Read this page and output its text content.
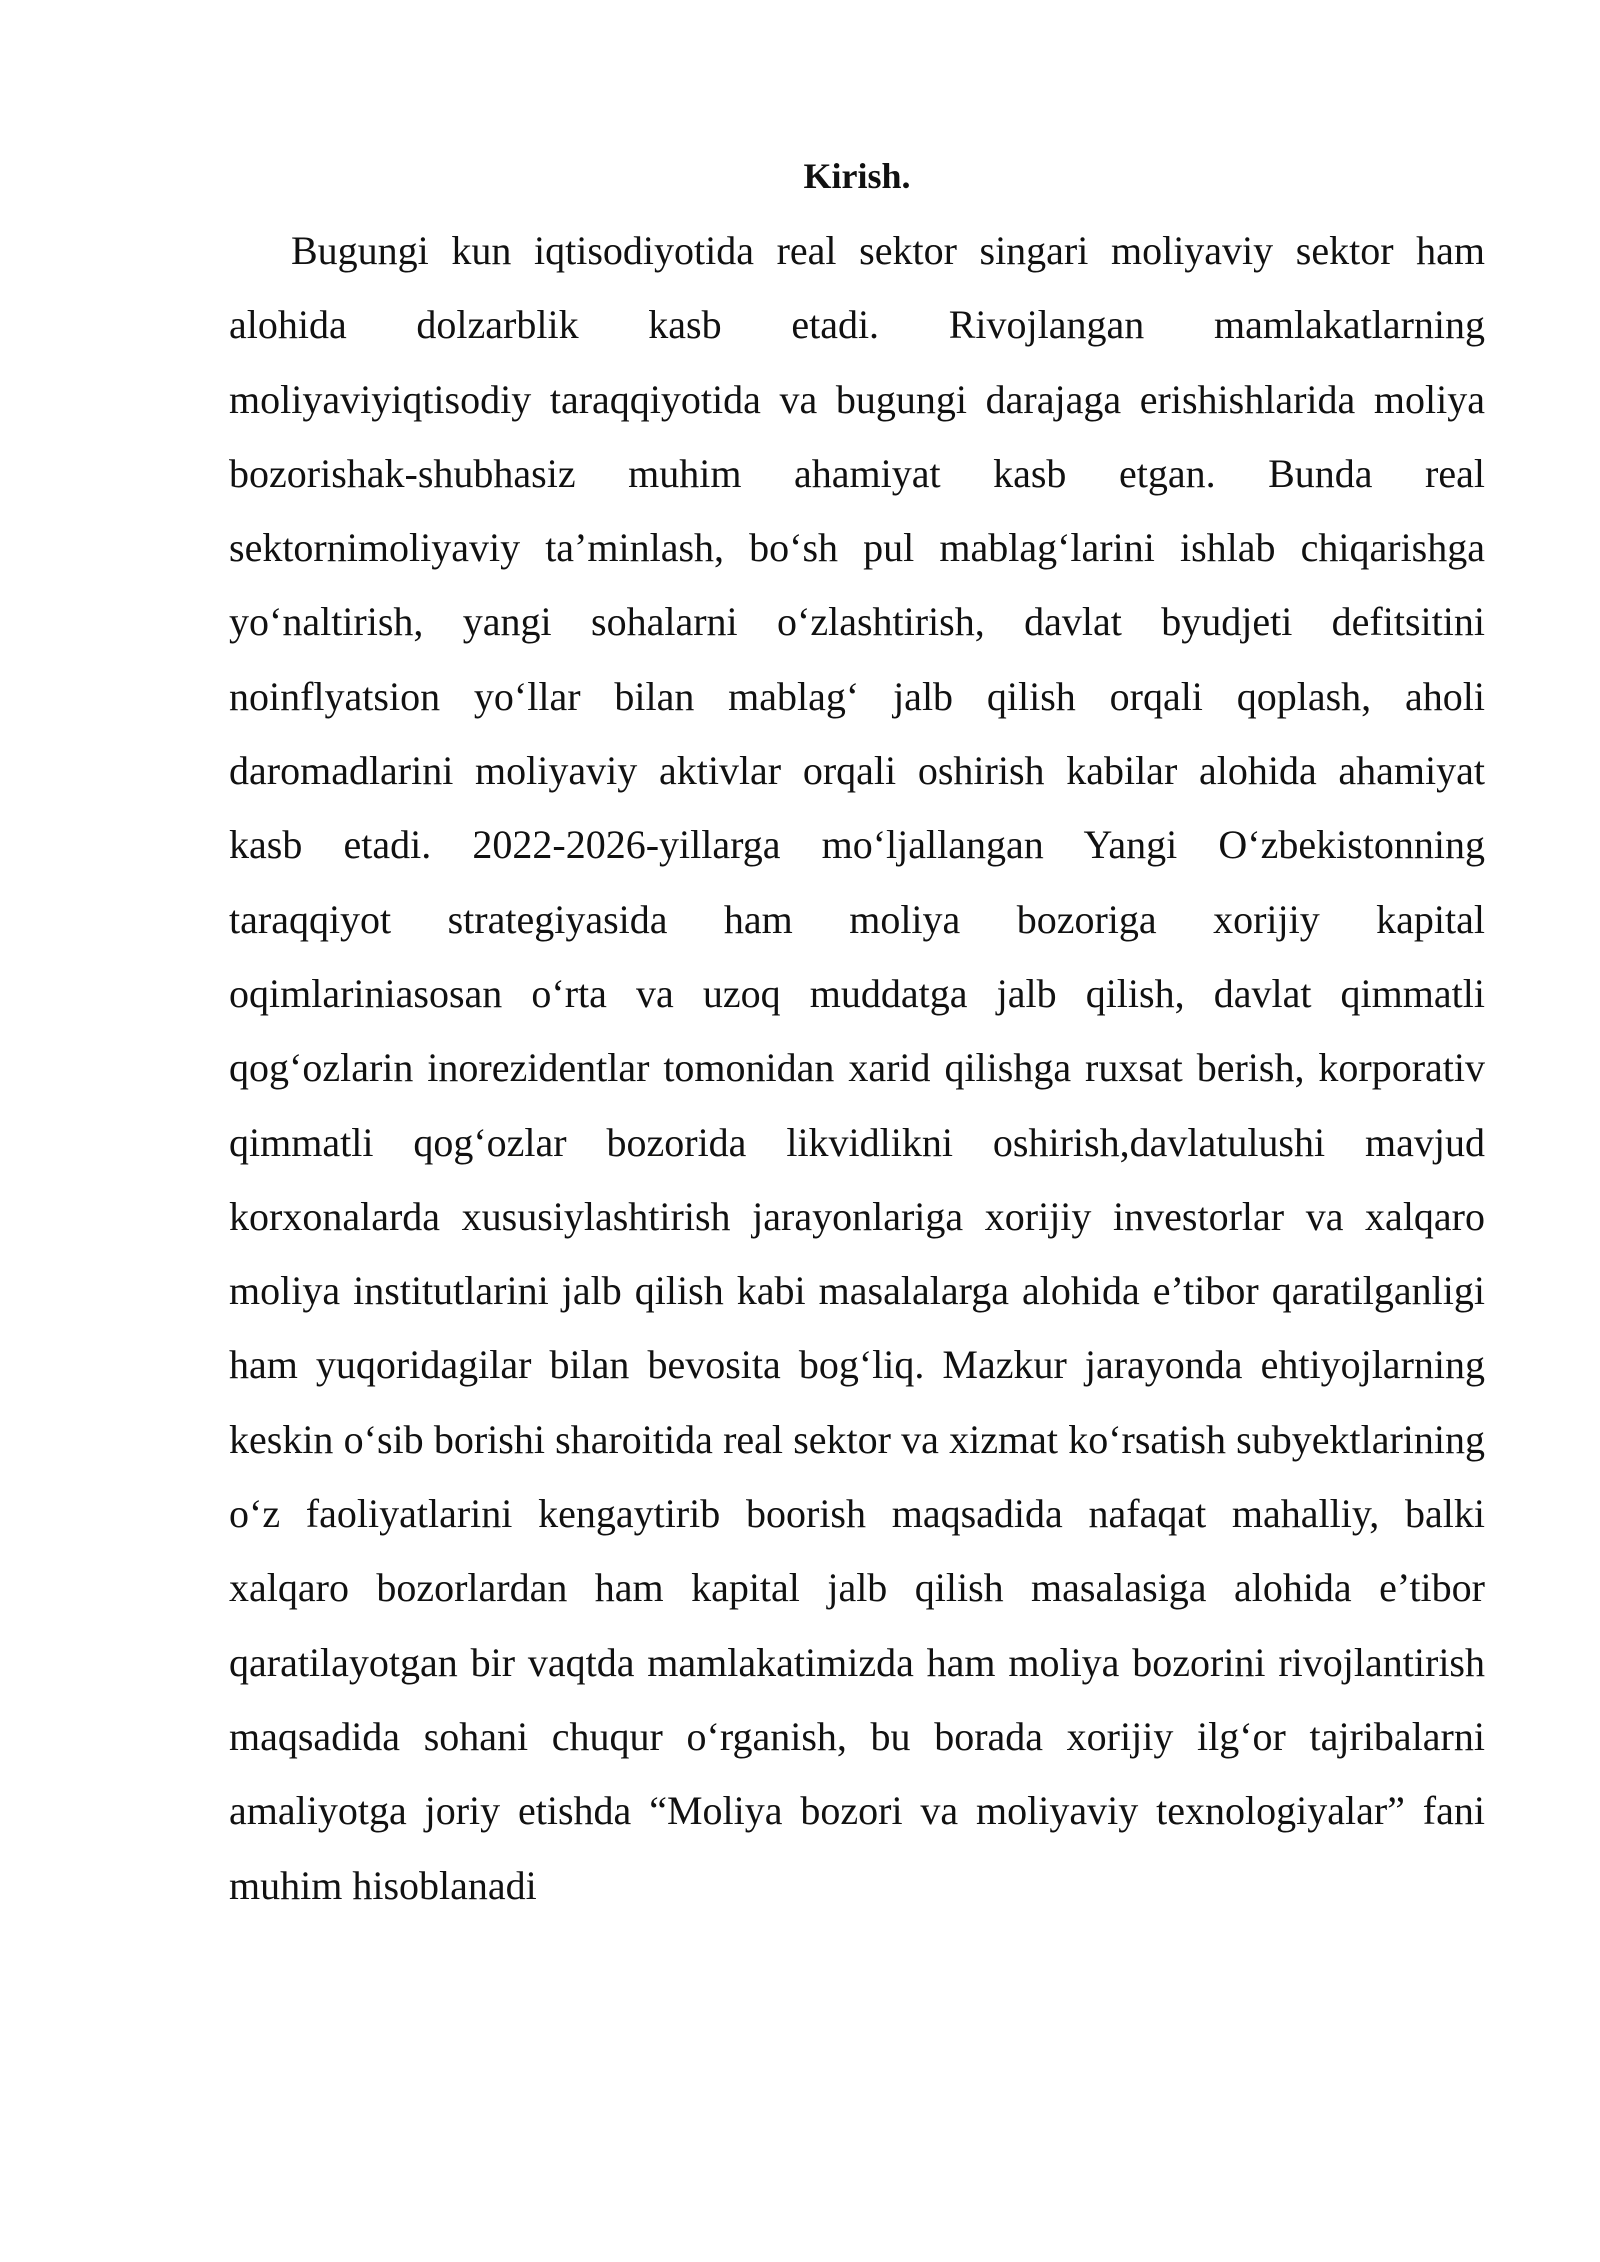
Kirish.

Bugungi kun iqtisodiyotida real sektor singari moliyaviy sektor ham alohida dolzarblik kasb etadi. Rivojlangan mamlakatlarning moliyaviyiqtisodiy taraqqiyotida va bugungi darajaga erishishlarida moliya bozorishak-shubhasiz muhim ahamiyat kasb etgan. Bunda real sektornimoliyaviy ta’minlash, bo‘sh pul mablag‘larini ishlab chiqarishga yo‘naltirish, yangi sohalarni o‘zlashtirish, davlat byudjeti defitsitini noinflyatsion yo‘llar bilan mablag‘ jalb qilish orqali qoplash, aholi daromadlarini moliyaviy aktivlar orqali oshirish kabilar alohida ahamiyat kasb etadi. 2022-2026-yillarga mo‘ljallangan Yangi O‘zbekistonning taraqqiyot strategiyasida ham moliya bozoriga xorijiy kapital oqimlariniasosan o‘rta va uzoq muddatga jalb qilish, davlat qimmatli qog‘ozlarin inorezidentlar tomonidan xarid qilishga ruxsat berish, korporativ qimmatli qog‘ozlar bozorida likvidlikni oshirish,davlatulushi mavjud korxonalarda xususiylashtirish jarayonlariga xorijiy investorlar va xalqaro moliya institutlarini jalb qilish kabi masalalarga alohida e’tibor qaratilganligi ham yuqoridagilar bilan bevosita bog‘liq. Mazkur jarayonda ehtiyojlarning keskin o‘sib borishi sharoitida real sektor va xizmat ko‘rsatish subyektlarining o‘z faoliyatlarini kengaytirib boorish maqsadida nafaqat mahalliy, balki xalqaro bozorlardan ham kapital jalb qilish masalasiga alohida e’tibor qaratilayotgan bir vaqtda mamlakatimizda ham moliya bozorini rivojlantirish maqsadida sohani chuqur o‘rganish, bu borada xorijiy ilg‘or tajribalarni amaliyotga joriy etishda “Moliya bozori va moliyaviy texnologiyalar” fani muhim hisoblanadi
